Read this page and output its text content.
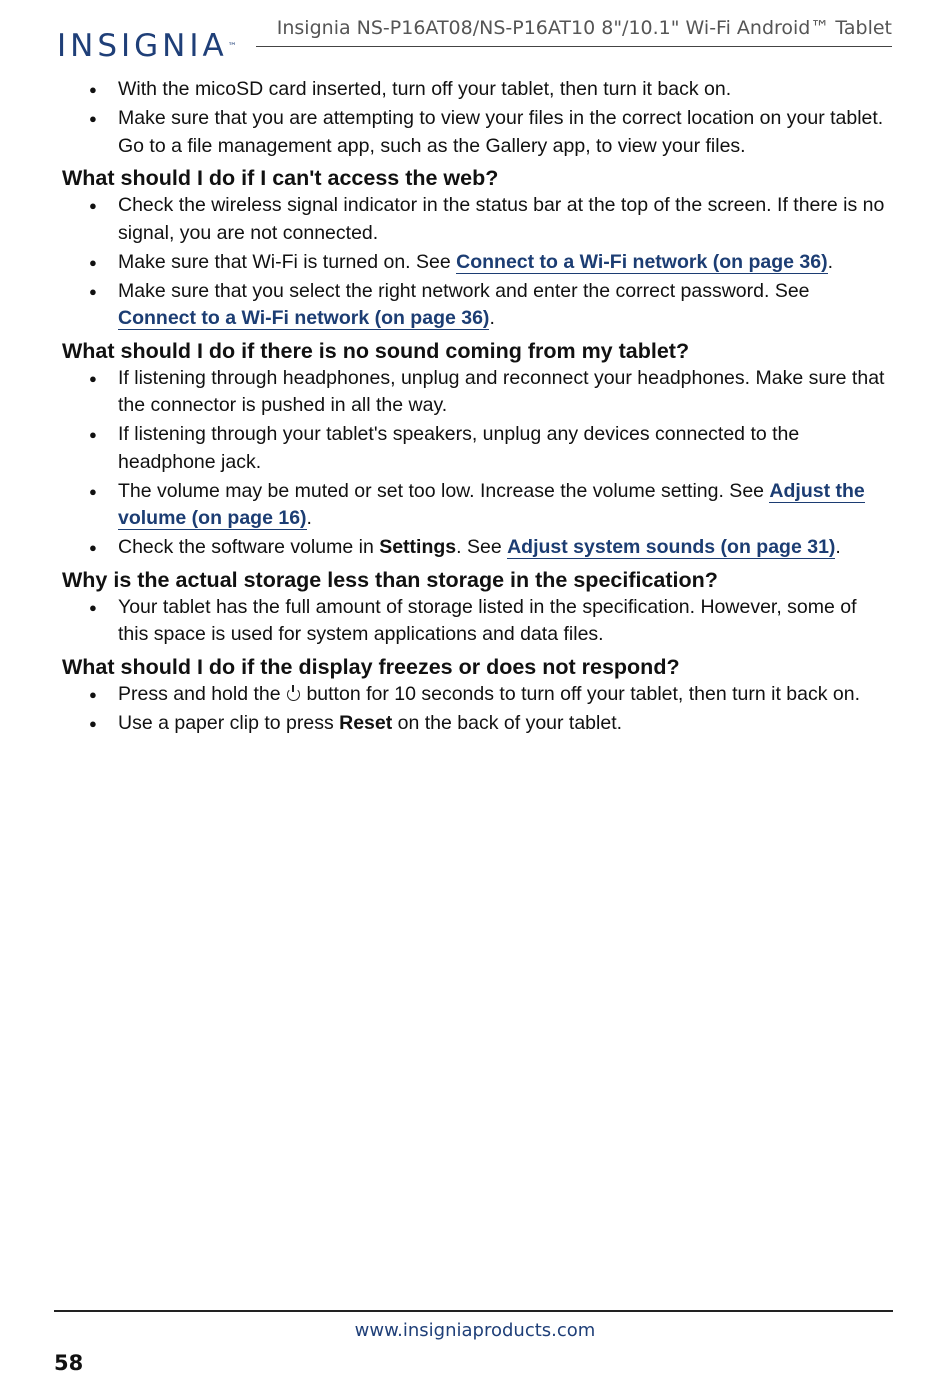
INSIGNIA™
Insignia NS-P16AT08/NS-P16AT10 8"/10.1" Wi-Fi Android™ Tablet
● With the micoSD card inserted, turn off your tablet, then turn it back on.
● Make sure that you are attempting to view your files in the correct location on your tablet. Go to a file management app, such as the Gallery app, to view your files.
What should I do if I can't access the web?
● Check the wireless signal indicator in the status bar at the top of the screen. If there is no signal, you are not connected.
● Make sure that Wi-Fi is turned on. See Connect to a Wi-Fi network (on page 36).
● Make sure that you select the right network and enter the correct password. See Connect to a Wi-Fi network (on page 36).
What should I do if there is no sound coming from my tablet?
● If listening through headphones, unplug and reconnect your headphones. Make sure that the connector is pushed in all the way.
● If listening through your tablet's speakers, unplug any devices connected to the headphone jack.
● The volume may be muted or set too low. Increase the volume setting. See Adjust the volume (on page 16).
● Check the software volume in Settings. See Adjust system sounds (on page 31).
Why is the actual storage less than storage in the specification?
● Your tablet has the full amount of storage listed in the specification. However, some of this space is used for system applications and data files.
What should I do if the display freezes or does not respond?
● Press and hold the  button for 10 seconds to turn off your tablet, then turn it back on.
● Use a paper clip to press Reset on the back of your tablet.
www.insigniaproducts.com
58
